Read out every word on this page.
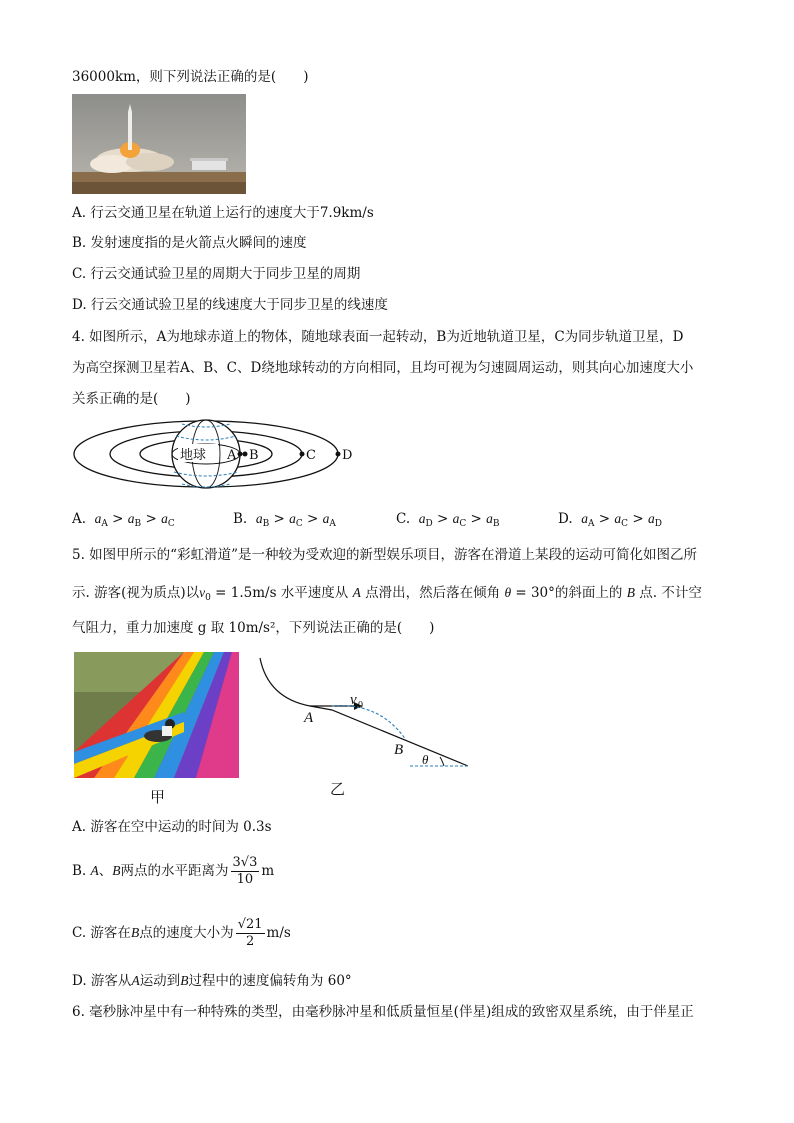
36000km，则下列说法正确的是(　　)
A. 行云交通卫星在轨道上运行的速度大于7.9km/s
B. 发射速度指的是火箭点火瞬间的速度
C. 行云交通试验卫星的周期大于同步卫星的周期
D. 行云交通试验卫星的线速度大于同步卫星的线速度
4. 如图所示，A为地球赤道上的物体，随地球表面一起转动，B为近地轨道卫星，C为同步轨道卫星，D
为高空探测卫星若A、B、C、D绕地球转动的方向相同，且均可视为匀速圆周运动，则其向心加速度大小
关系正确的是(　　)
地球 A B	C D
A. $a_A > a_B > a_C$	B. $a_B > a_C > a_A$	C. $a_D > a_C > a_B$	D. $a_A > a_C > a_D$
5. 如图甲所示的“彩虹滑道”是一种较为受欢迎的新型娱乐项目，游客在滑道上某段的运动可简化如图乙所
示. 游客(视为质点)以$v_0 = 1.5m/s$ 水平速度从 A 点滑出，然后落在倾角 θ = 30°的斜面上的 B 点. 不计空
气阻力，重力加速度 g 取 10m/s²，下列说法正确的是(　　)
甲
A
v 0
B
θ
乙
A. 游客在空中运动的时间为 0.3s
B. A、B两点的水平距离为 $\frac{3√3}{10}$ m
C. 游客在B点的速度大小为 $\frac{√21}{2} m/s$
D. 游客从A运动到B过程中的速度偏转角为 60°
6. 毫秒脉冲星中有一种特殊的类型，由毫秒脉冲星和低质量恒星(伴星)组成的致密双星系统，由于伴星正
